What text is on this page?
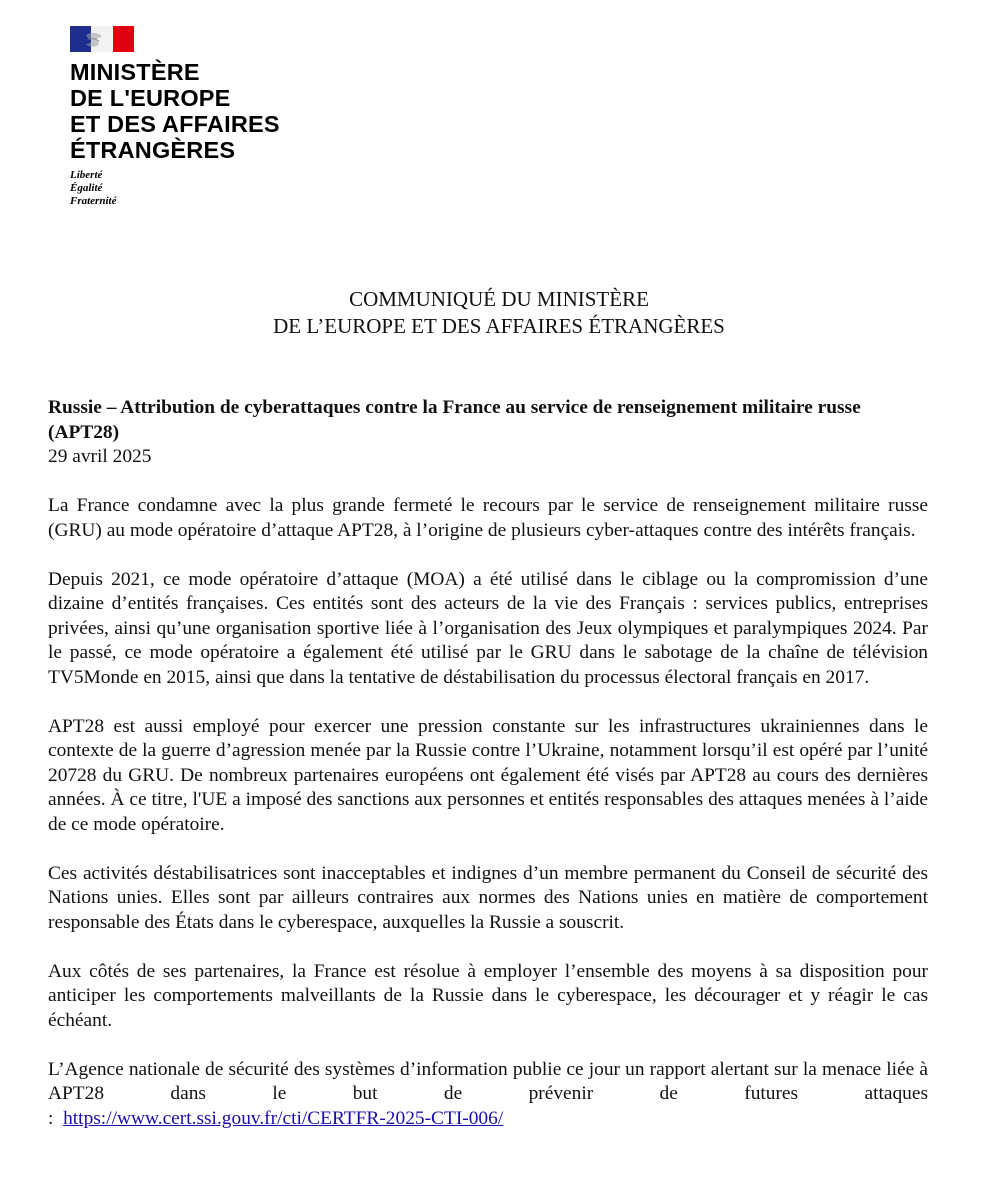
MINISTÈRE
DE L'EUROPE
ET DES AFFAIRES
ÉTRANGÈRES
Liberté
Égalité
Fraternité
COMMUNIQUÉ DU MINISTÈRE
DE L’EUROPE ET DES AFFAIRES ÉTRANGÈRES

Russie – Attribution de cyberattaques contre la France au service de renseignement militaire russe (APT28)

29 avril 2025

La France condamne avec la plus grande fermeté le recours par le service de renseignement militaire russe (GRU) au mode opératoire d’attaque APT28, à l’origine de plusieurs cyber-attaques contre des intérêts français.

Depuis 2021, ce mode opératoire d’attaque (MOA) a été utilisé dans le ciblage ou la compromission d’une dizaine d’entités françaises. Ces entités sont des acteurs de la vie des Français : services publics, entreprises privées, ainsi qu’une organisation sportive liée à l’organisation des Jeux olympiques et paralympiques 2024. Par le passé, ce mode opératoire a également été utilisé par le GRU dans le sabotage de la chaîne de télévision TV5Monde en 2015, ainsi que dans la tentative de déstabilisation du processus électoral français en 2017.

APT28 est aussi employé pour exercer une pression constante sur les infrastructures ukrainiennes dans le contexte de la guerre d’agression menée par la Russie contre l’Ukraine, notamment lorsqu’il est opéré par l’unité 20728 du GRU. De nombreux partenaires européens ont également été visés par APT28 au cours des dernières années. À ce titre, l'UE a imposé des sanctions aux personnes et entités responsables des attaques menées à l’aide de ce mode opératoire.

Ces activités déstabilisatrices sont inacceptables et indignes d’un membre permanent du Conseil de sécurité des Nations unies. Elles sont par ailleurs contraires aux normes des Nations unies en matière de comportement responsable des États dans le cyberespace, auxquelles la Russie a souscrit.

Aux côtés de ses partenaires, la France est résolue à employer l’ensemble des moyens à sa disposition pour anticiper les comportements malveillants de la Russie dans le cyberespace, les décourager et y réagir le cas échéant.

L’Agence nationale de sécurité des systèmes d’information publie ce jour un rapport alertant sur la menace liée à APT28 dans le but de prévenir de futures attaques

: https://www.cert.ssi.gouv.fr/cti/CERTFR-2025-CTI-006/
